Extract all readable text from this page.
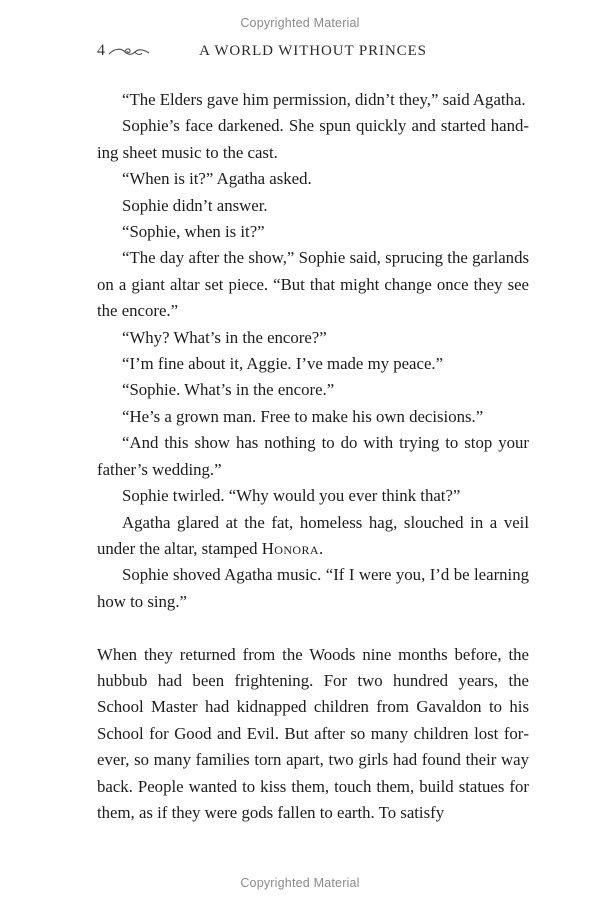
Copyrighted Material
4	A WORLD WITHOUT PRINCES

“The Elders gave him permission, didn’t they,” said Agatha.

Sophie’s face darkened. She spun quickly and started handing sheet music to the cast.

“When is it?” Agatha asked.

Sophie didn’t answer.

“Sophie, when is it?”

“The day after the show,” Sophie said, sprucing the garlands on a giant altar set piece. “But that might change once they see the encore.”

“Why? What’s in the encore?”

“I’m fine about it, Aggie. I’ve made my peace.”

“Sophie. What’s in the encore.”

“He’s a grown man. Free to make his own decisions.”

“And this show has nothing to do with trying to stop your father’s wedding.”

Sophie twirled. “Why would you ever think that?”

Agatha glared at the fat, homeless hag, slouched in a veil under the altar, stamped Honora.

Sophie shoved Agatha music. “If I were you, I’d be learning how to sing.”

When they returned from the Woods nine months before, the hubbub had been frightening. For two hundred years, the School Master had kidnapped children from Gavaldon to his School for Good and Evil. But after so many children lost forever, so many families torn apart, two girls had found their way back. People wanted to kiss them, touch them, build statues for them, as if they were gods fallen to earth. To satisfy

Copyrighted Material
